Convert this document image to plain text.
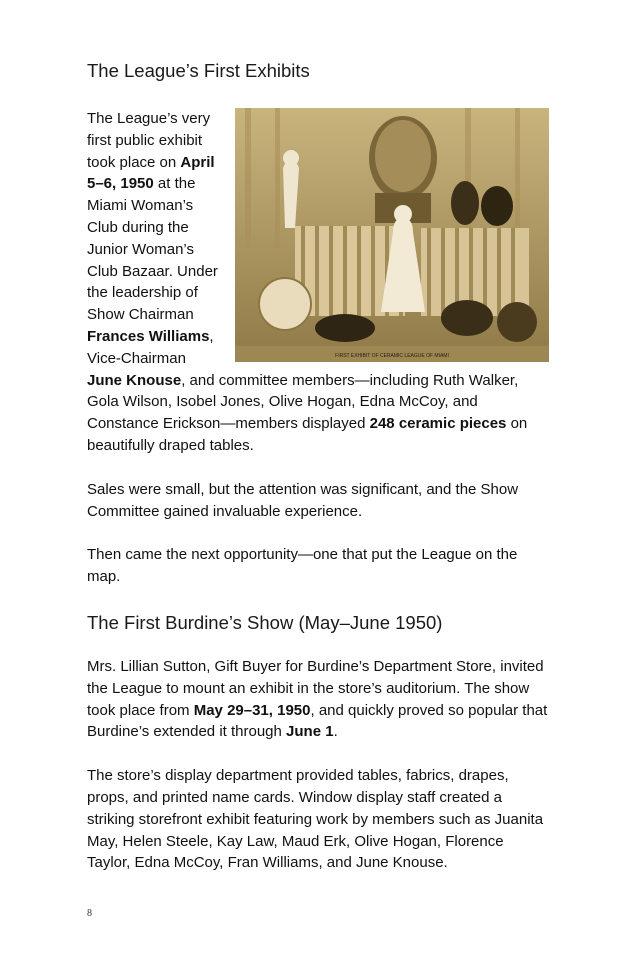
The League’s First Exhibits
FIRST EXHIBIT OF CERAMIC LEAGUE OF MIAMI

The League’s very first public exhibit took place on April 5–6, 1950 at the Miami Woman’s Club during the Junior Woman’s Club Bazaar. Under the leadership of Show Chairman Frances Williams, Vice-Chairman June Knouse, and committee members—including Ruth Walker, Gola Wilson, Isobel Jones, Olive Hogan, Edna McCoy, and Constance Erickson—members displayed 248 ceramic pieces on beautifully draped tables.

Sales were small, but the attention was significant, and the Show Committee gained invaluable experience.

Then came the next opportunity—one that put the League on the map.

The First Burdine’s Show (May–June 1950)

Mrs. Lillian Sutton, Gift Buyer for Burdine’s Department Store, invited the League to mount an exhibit in the store’s auditorium. The show took place from May 29–31, 1950, and quickly proved so popular that Burdine’s extended it through June 1.

The store’s display department provided tables, fabrics, drapes, props, and printed name cards. Window display staff created a striking storefront exhibit featuring work by members such as Juanita May, Helen Steele, Kay Law, Maud Erk, Olive Hogan, Florence Taylor, Edna McCoy, Fran Williams, and June Knouse.

8
